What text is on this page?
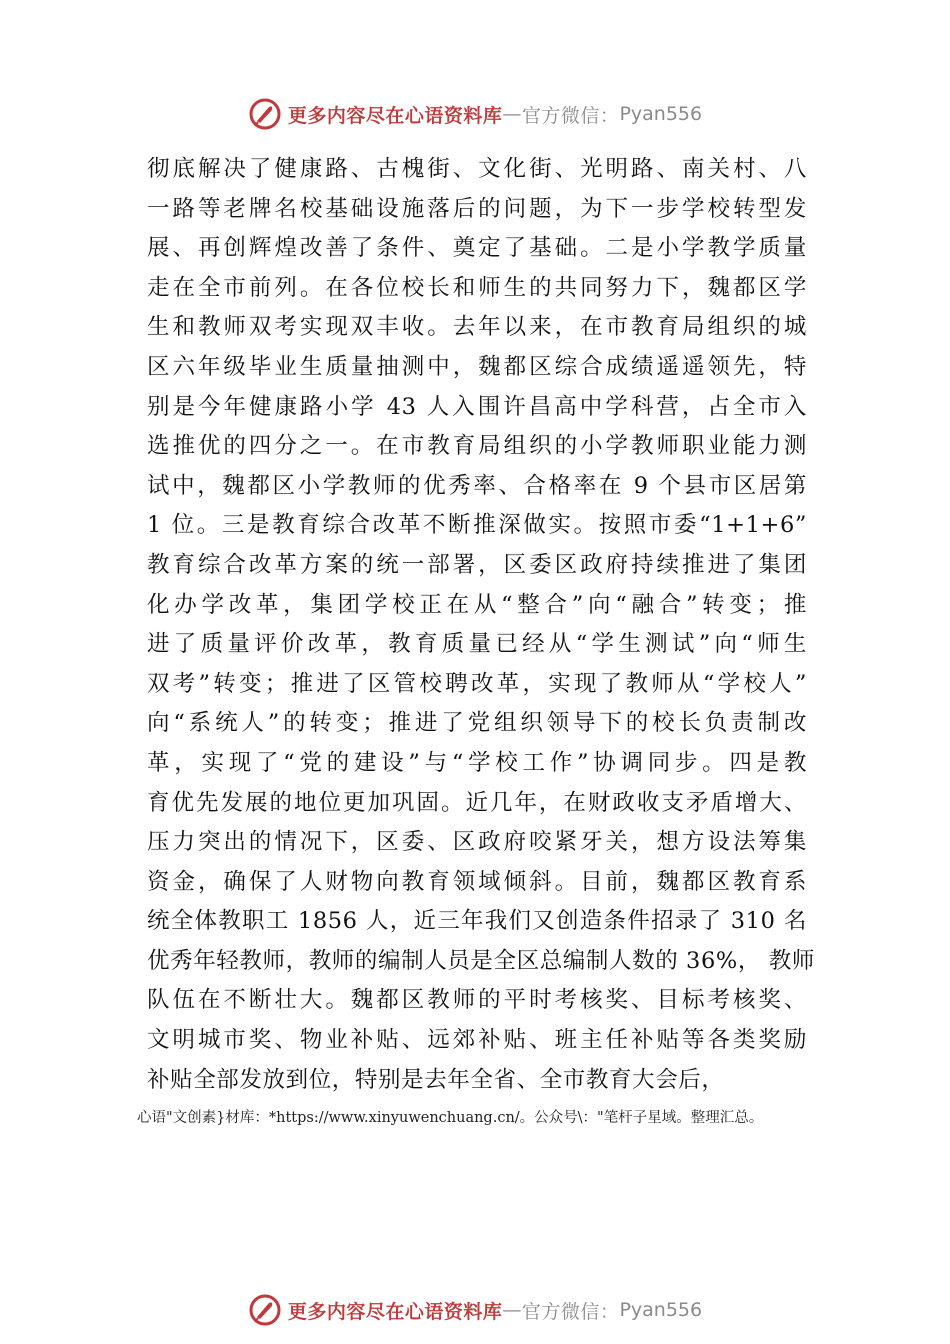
更多内容尽在心语资料库 — 官方微信： Pyan556
彻底解决了健康路、古槐街、文化街、光明路、南关村、八
一路等老牌名校基础设施落后的问题，为下一步学校转型发
展、再创辉煌改善了条件、奠定了基础。二是小学教学质量
走在全市前列。在各位校长和师生的共同努力下，魏都区学
生和教师双考实现双丰收。去年以来，在市教育局组织的城
区六年级毕业生质量抽测中，魏都区综合成绩遥遥领先，特
别是今年健康路小学 43 人入围许昌高中学科营，占全市入
选推优的四分之一。在市教育局组织的小学教师职业能力测
试中，魏都区小学教师的优秀率、合格率在 9 个县市区居第
1 位。三是教育综合改革不断推深做实。按照市委“1+1+6”
教育综合改革方案的统一部署，区委区政府持续推进了集团
化办学改革，集团学校正在从“整合”向“融合”转变；推
进了质量评价改革，教育质量已经从“学生测试”向“师生
双考”转变；推进了区管校聘改革，实现了教师从“学校人”
向“系统人”的转变；推进了党组织领导下的校长负责制改
革，实现了“党的建设”与“学校工作”协调同步。四是教
育优先发展的地位更加巩固。近几年，在财政收支矛盾增大、
压力突出的情况下，区委、区政府咬紧牙关，想方设法筹集
资金，确保了人财物向教育领域倾斜。目前，魏都区教育系
统全体教职工 1856 人，近三年我们又创造条件招录了 310 名
优秀年轻教师，教师的编制人员是全区总编制人数的 36%， 教师
队伍在不断壮大。魏都区教师的平时考核奖、目标考核奖、
文明城市奖、物业补贴、远郊补贴、班主任补贴等各类奖励
补贴全部发放到位，特别是去年全省、全市教育大会后，
心语"文创素}材库：*https://www.xinyuwenchuang.cn/。公众号\："笔杆子星域。整理汇总。
更多内容尽在心语资料库 — 官方微信： Pyan556
